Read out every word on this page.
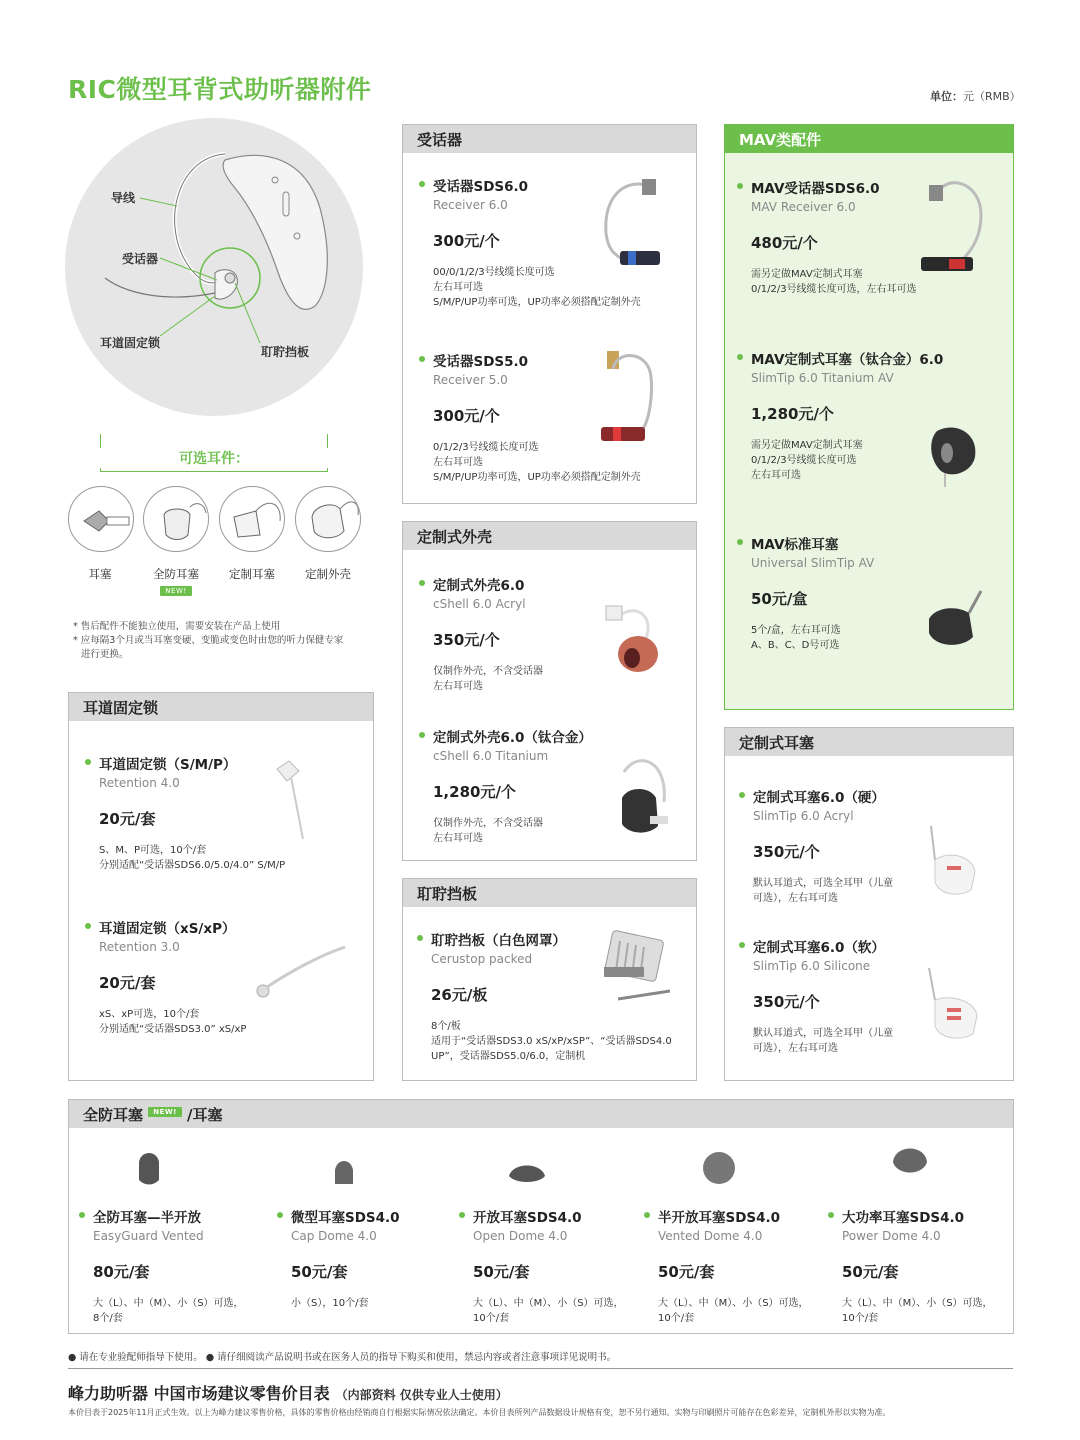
RIC微型耳背式助听器附件	单位：元（RMB）
导线
受话器
耳道固定锁
耵聍挡板
可选耳件：
耳塞	全防耳塞
NEW!
定制耳塞	定制外壳
* 售后配件不能独立使用，需要安装在产品上使用
* 应每隔3个月或当耳塞变硬、变脆或变色时由您的听力保健专家
进行更换。
受话器
受话器SDS6.0
Receiver 6.0
300元/个
00/0/1/2/3号线缆长度可选
左右耳可选
S/M/P/UP功率可选，UP功率必须搭配定制外壳
受话器SDS5.0
Receiver 5.0
300元/个
0/1/2/3号线缆长度可选
左右耳可选
S/M/P/UP功率可选，UP功率必须搭配定制外壳
定制式外壳
定制式外壳6.0
cShell 6.0 Acryl
350元/个
仅制作外壳，不含受话器
左右耳可选
定制式外壳6.0（钛合金）
cShell 6.0 Titanium
1,280元/个
仅制作外壳，不含受话器
左右耳可选
耵聍挡板
耵聍挡板（白色网罩）
Cerustop packed
26元/板
8个/板
适用于“受话器SDS3.0 xS/xP/xSP”、“受话器SDS4.0
UP”，受话器SDS5.0/6.0，定制机
MAV类配件
MAV受话器SDS6.0
MAV Receiver 6.0
480元/个
需另定做MAV定制式耳塞
0/1/2/3号线缆长度可选，左右耳可选
MAV定制式耳塞（钛合金）6.0
SlimTip 6.0 Titanium AV
1,280元/个
需另定做MAV定制式耳塞
0/1/2/3号线缆长度可选
左右耳可选
MAV标准耳塞
Universal SlimTip AV
50元/盒
5个/盒，左右耳可选
A、B、C、D号可选
定制式耳塞
定制式耳塞6.0（硬）
SlimTip 6.0 Acryl
350元/个
默认耳道式，可选全耳甲（儿童
可选），左右耳可选
定制式耳塞6.0（软）
SlimTip 6.0 Silicone
350元/个
默认耳道式，可选全耳甲（儿童
可选），左右耳可选
耳道固定锁
耳道固定锁（S/M/P）
Retention 4.0
20元/套
S、M、P可选，10个/套
分别适配“受话器SDS6.0/5.0/4.0” S/M/P
耳道固定锁（xS/xP）
Retention 3.0
20元/套
xS、xP可选，10个/套
分别适配“受话器SDS3.0” xS/xP
全防耳塞 NEW! /耳塞
全防耳塞—半开放
EasyGuard Vented
80元/套
大（L）、中（M）、小（S）可选，
8个/套
微型耳塞SDS4.0
Cap Dome 4.0
50元/套
小（S），10个/套
开放耳塞SDS4.0
Open Dome 4.0
50元/套
大（L）、中（M）、小（S）可选，
10个/套
半开放耳塞SDS4.0
Vented Dome 4.0
50元/套
大（L）、中（M）、小（S）可选，
10个/套
大功率耳塞SDS4.0
Power Dome 4.0
50元/套
大（L）、中（M）、小（S）可选，
10个/套
● 请在专业验配师指导下使用。 ● 请仔细阅读产品说明书或在医务人员的指导下购买和使用，禁忌内容或者注意事项详见说明书。
峰力助听器 中国市场建议零售价目表 （内部资料 仅供专业人士使用）
本价目表于2025年11月正式生效。以上为峰力建议零售价格，具体的零售价格由经销商自行根据实际情况依法确定。本价目表所列产品数据设计规格有变，恕不另行通知。实物与印刷照片可能存在色彩差异，定制机外形以实物为准。
